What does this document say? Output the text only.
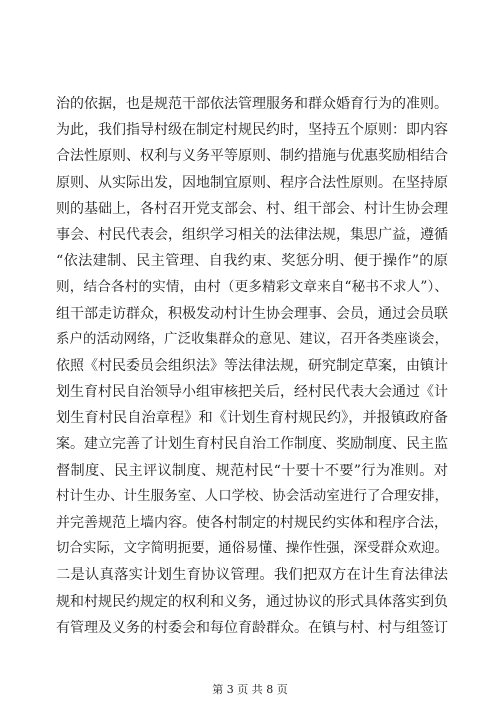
治的依据，也是规范干部依法管理服务和群众婚育行为的准则。
为此，我们指导村级在制定村规民约时，坚持五个原则：即内容
合法性原则、权利与义务平等原则、制约措施与优惠奖励相结合
原则、从实际出发，因地制宜原则、程序合法性原则。在坚持原
则的基础上，各村召开党支部会、村、组干部会、村计生协会理
事会、村民代表会，组织学习相关的法律法规，集思广益，遵循
“依法建制、民主管理、自我约束、奖惩分明、便于操作”的原
则，结合各村的实情，由村（更多精彩文章来自“秘书不求人”）、
组干部走访群众，积极发动村计生协会理事、会员，通过会员联
系户的活动网络，广泛收集群众的意见、建议，召开各类座谈会，
依照《村民委员会组织法》等法律法规，研究制定草案，由镇计
划生育村民自治领导小组审核把关后，经村民代表大会通过《计
划生育村民自治章程》和《计划生育村规民约》，并报镇政府备
案。建立完善了计划生育村民自治工作制度、奖励制度、民主监
督制度、民主评议制度、规范村民“十要十不要”行为准则。对
村计生办、计生服务室、人口学校、协会活动室进行了合理安排，
并完善规范上墙内容。使各村制定的村规民约实体和程序合法，
切合实际，文字简明扼要，通俗易懂、操作性强，深受群众欢迎。
二是认真落实计划生育协议管理。我们把双方在计生育法律法
规和村规民约规定的权利和义务，通过协议的形式具体落实到负
有管理及义务的村委会和每位育龄群众。在镇与村、村与组签订
第 3 页 共 8 页
